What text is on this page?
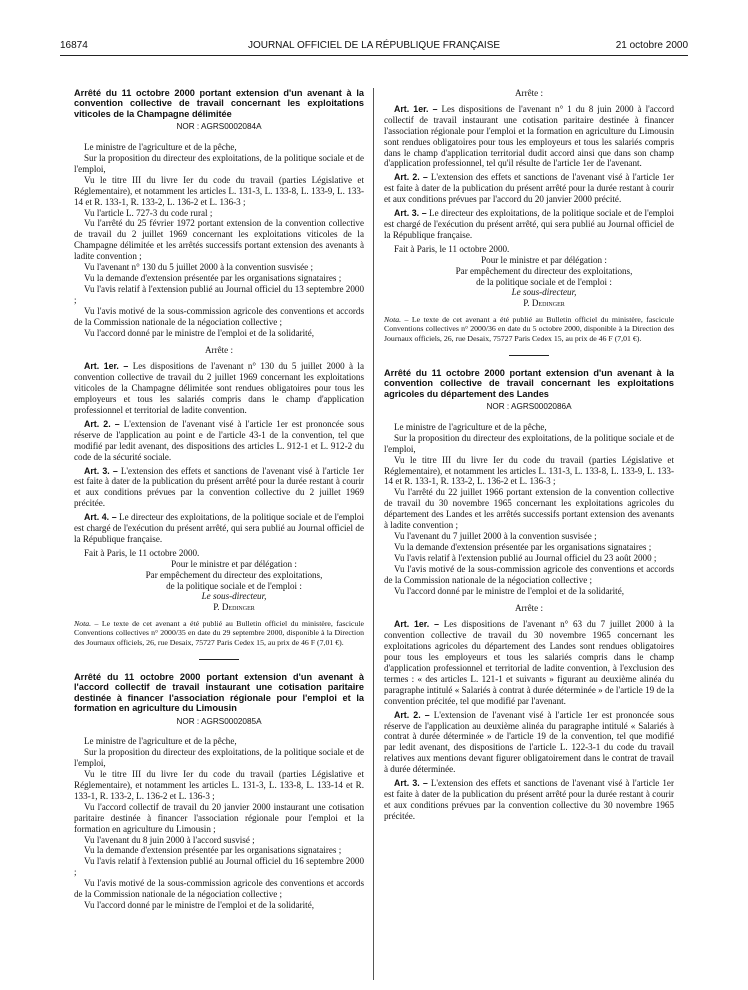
16874	JOURNAL OFFICIEL DE LA RÉPUBLIQUE FRANÇAISE	21 octobre 2000
Arrêté du 11 octobre 2000 portant extension d'un avenant à la convention collective de travail concernant les exploitations viticoles de la Champagne délimitée
NOR : AGRS0002084A

Le ministre de l'agriculture et de la pêche,

Sur la proposition du directeur des exploitations, de la politique sociale et de l'emploi,

Vu le titre III du livre Ier du code du travail (parties Législative et Réglementaire), et notamment les articles L. 131-3, L. 133-8, L. 133-9, L. 133-14 et R. 133-1, R. 133-2, L. 136-2 et L. 136-3 ;

Vu l'article L. 727-3 du code rural ;

Vu l'arrêté du 25 février 1972 portant extension de la convention collective de travail du 2 juillet 1969 concernant les exploitations viticoles de la Champagne délimitée et les arrêtés successifs portant extension des avenants à ladite convention ;

Vu l'avenant n° 130 du 5 juillet 2000 à la convention susvisée ;

Vu la demande d'extension présentée par les organisations signataires ;

Vu l'avis relatif à l'extension publié au Journal officiel du 13 septembre 2000 ;

Vu l'avis motivé de la sous-commission agricole des conventions et accords de la Commission nationale de la négociation collective ;

Vu l'accord donné par le ministre de l'emploi et de la solidarité,

Arrête :

Art. 1er. – Les dispositions de l'avenant n° 130 du 5 juillet 2000 à la convention collective de travail du 2 juillet 1969 concernant les exploitations viticoles de la Champagne délimitée sont rendues obligatoires pour tous les employeurs et tous les salariés compris dans le champ d'application professionnel et territorial de ladite convention.

Art. 2. – L'extension de l'avenant visé à l'article 1er est prononcée sous réserve de l'application au point e de l'article 43-1 de la convention, tel que modifié par ledit avenant, des dispositions des articles L. 912-1 et L. 912-2 du code de la sécurité sociale.

Art. 3. – L'extension des effets et sanctions de l'avenant visé à l'article 1er est faite à dater de la publication du présent arrêté pour la durée restant à courir et aux conditions prévues par la convention collective du 2 juillet 1969 précitée.

Art. 4. – Le directeur des exploitations, de la politique sociale et de l'emploi est chargé de l'exécution du présent arrêté, qui sera publié au Journal officiel de la République française.

Fait à Paris, le 11 octobre 2000.

Pour le ministre et par délégation :
Par empêchement du directeur des exploitations,
de la politique sociale et de l'emploi :
Le sous-directeur,
P. Dedinger
Nota. – Le texte de cet avenant a été publié au Bulletin officiel du ministère, fascicule Conventions collectives n° 2000/35 en date du 29 septembre 2000, disponible à la Direction des Journaux officiels, 26, rue Desaix, 75727 Paris Cedex 15, au prix de 46 F (7,01 €).
Arrêté du 11 octobre 2000 portant extension d'un avenant à l'accord collectif de travail instaurant une cotisation paritaire destinée à financer l'association régionale pour l'emploi et la formation en agriculture du Limousin
NOR : AGRS0002085A

Le ministre de l'agriculture et de la pêche,

Sur la proposition du directeur des exploitations, de la politique sociale et de l'emploi,

Vu le titre III du livre Ier du code du travail (parties Législative et Réglementaire), et notamment les articles L. 131-3, L. 133-8, L. 133-14 et R. 133-1, R. 133-2, L. 136-2 et L. 136-3 ;

Vu l'accord collectif de travail du 20 janvier 2000 instaurant une cotisation paritaire destinée à financer l'association régionale pour l'emploi et la formation en agriculture du Limousin ;

Vu l'avenant du 8 juin 2000 à l'accord susvisé ;

Vu la demande d'extension présentée par les organisations signataires ;

Vu l'avis relatif à l'extension publié au Journal officiel du 16 septembre 2000 ;

Vu l'avis motivé de la sous-commission agricole des conventions et accords de la Commission nationale de la négociation collective ;

Vu l'accord donné par le ministre de l'emploi et de la solidarité,

Arrête :

Art. 1er. – Les dispositions de l'avenant n° 1 du 8 juin 2000 à l'accord collectif de travail instaurant une cotisation paritaire destinée à financer l'association régionale pour l'emploi et la formation en agriculture du Limousin sont rendues obligatoires pour tous les employeurs et tous les salariés compris dans le champ d'application territorial dudit accord ainsi que dans son champ d'application professionnel, tel qu'il résulte de l'article 1er de l'avenant.

Art. 2. – L'extension des effets et sanctions de l'avenant visé à l'article 1er est faite à dater de la publication du présent arrêté pour la durée restant à courir et aux conditions prévues par l'accord du 20 janvier 2000 précité.

Art. 3. – Le directeur des exploitations, de la politique sociale et de l'emploi est chargé de l'exécution du présent arrêté, qui sera publié au Journal officiel de la République française.

Fait à Paris, le 11 octobre 2000.

Pour le ministre et par délégation :
Par empêchement du directeur des exploitations,
de la politique sociale et de l'emploi :
Le sous-directeur,
P. Dedinger
Nota. – Le texte de cet avenant a été publié au Bulletin officiel du ministère, fascicule Conventions collectives n° 2000/36 en date du 5 octobre 2000, disponible à la Direction des Journaux officiels, 26, rue Desaix, 75727 Paris Cedex 15, au prix de 46 F (7,01 €).
Arrêté du 11 octobre 2000 portant extension d'un avenant à la convention collective de travail concernant les exploitations agricoles du département des Landes
NOR : AGRS0002086A

Le ministre de l'agriculture et de la pêche,

Sur la proposition du directeur des exploitations, de la politique sociale et de l'emploi,

Vu le titre III du livre Ier du code du travail (parties Législative et Réglementaire), et notamment les articles L. 131-3, L. 133-8, L. 133-9, L. 133-14 et R. 133-1, R. 133-2, L. 136-2 et L. 136-3 ;

Vu l'arrêté du 22 juillet 1966 portant extension de la convention collective de travail du 30 novembre 1965 concernant les exploitations agricoles du département des Landes et les arrêtés successifs portant extension des avenants à ladite convention ;

Vu l'avenant du 7 juillet 2000 à la convention susvisée ;

Vu la demande d'extension présentée par les organisations signataires ;

Vu l'avis relatif à l'extension publié au Journal officiel du 23 août 2000 ;

Vu l'avis motivé de la sous-commission agricole des conventions et accords de la Commission nationale de la négociation collective ;

Vu l'accord donné par le ministre de l'emploi et de la solidarité,

Arrête :

Art. 1er. – Les dispositions de l'avenant n° 63 du 7 juillet 2000 à la convention collective de travail du 30 novembre 1965 concernant les exploitations agricoles du département des Landes sont rendues obligatoires pour tous les employeurs et tous les salariés compris dans le champ d'application professionnel et territorial de ladite convention, à l'exclusion des termes : « des articles L. 121-1 et suivants » figurant au deuxième alinéa du paragraphe intitulé « Salariés à contrat à durée déterminée » de l'article 19 de la convention précitée, tel que modifié par l'avenant.

Art. 2. – L'extension de l'avenant visé à l'article 1er est prononcée sous réserve de l'application au deuxième alinéa du paragraphe intitulé « Salariés à contrat à durée déterminée » de l'article 19 de la convention, tel que modifié par ledit avenant, des dispositions de l'article L. 122-3-1 du code du travail relatives aux mentions devant figurer obligatoirement dans le contrat de travail à durée déterminée.

Art. 3. – L'extension des effets et sanctions de l'avenant visé à l'article 1er est faite à dater de la publication du présent arrêté pour la durée restant à courir et aux conditions prévues par la convention collective du 30 novembre 1965 précitée.
